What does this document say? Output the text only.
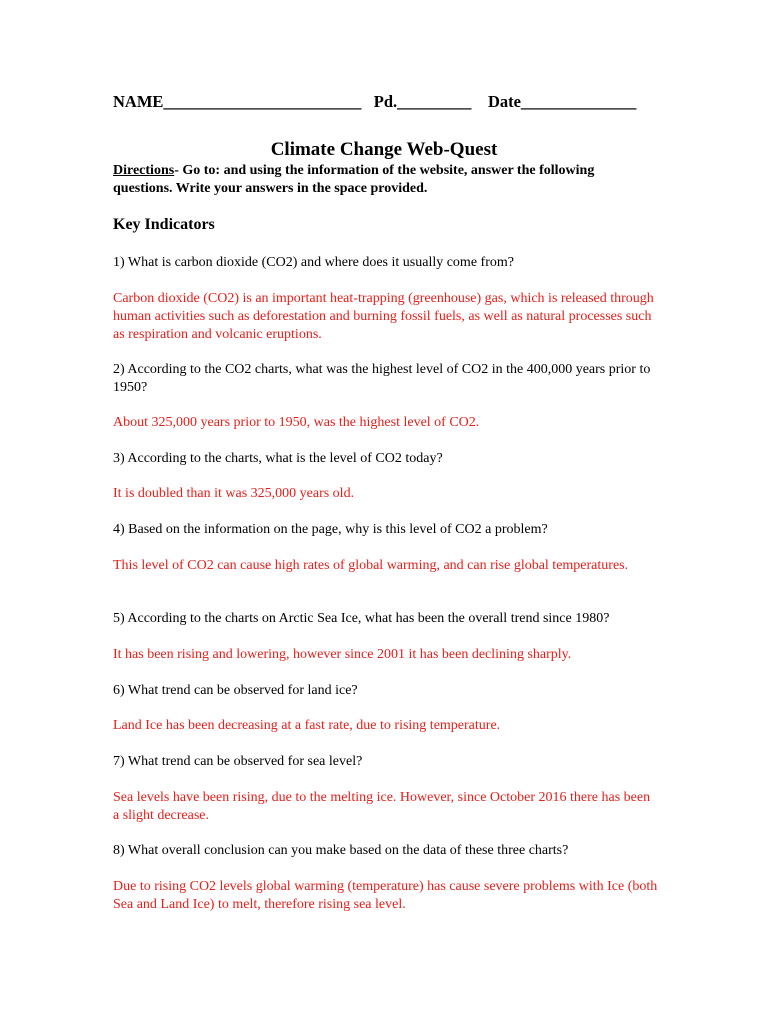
NAME________________________ Pd._________ Date______________
Climate Change Web-Quest
Directions- Go to: and using the information of the website, answer the following questions. Write your answers in the space provided.
Key Indicators
1) What is carbon dioxide (CO2) and where does it usually come from?
Carbon dioxide (CO2) is an important heat-trapping (greenhouse) gas, which is released through human activities such as deforestation and burning fossil fuels, as well as natural processes such as respiration and volcanic eruptions.
2) According to the CO2 charts, what was the highest level of CO2 in the 400,000 years prior to 1950?
About 325,000 years prior to 1950, was the highest level of CO2.
3) According to the charts, what is the level of CO2 today?
It is doubled than it was 325,000 years old.
4) Based on the information on the page, why is this level of CO2 a problem?
This level of CO2 can cause high rates of global warming, and can rise global temperatures.
5) According to the charts on Arctic Sea Ice, what has been the overall trend since 1980?
It has been rising and lowering, however since 2001 it has been declining sharply.
6) What trend can be observed for land ice?
Land Ice has been decreasing at a fast rate, due to rising temperature.
7) What trend can be observed for sea level?
Sea levels have been rising, due to the melting ice. However, since October 2016 there has been a slight decrease.
8) What overall conclusion can you make based on the data of these three charts?
Due to rising CO2 levels global warming (temperature) has cause severe problems with Ice (both Sea and Land Ice) to melt, therefore rising sea level.
